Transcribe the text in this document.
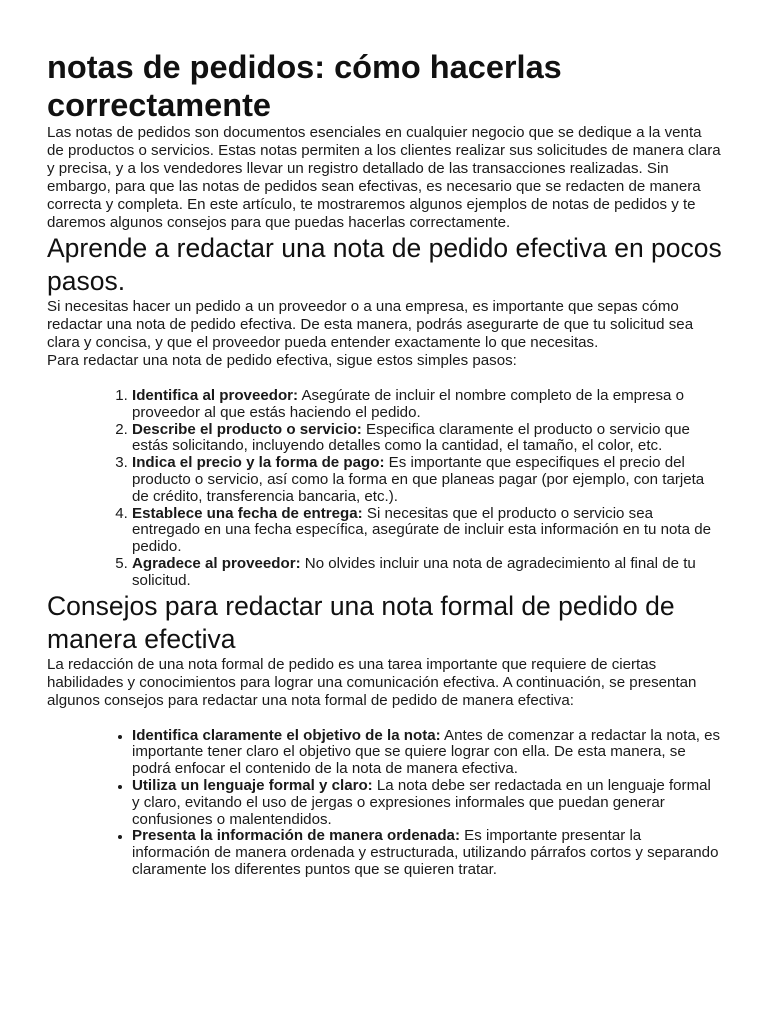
notas de pedidos: cómo hacerlas correctamente

Las notas de pedidos son documentos esenciales en cualquier negocio que se dedique a la venta de productos o servicios. Estas notas permiten a los clientes realizar sus solicitudes de manera clara y precisa, y a los vendedores llevar un registro detallado de las transacciones realizadas. Sin embargo, para que las notas de pedidos sean efectivas, es necesario que se redacten de manera correcta y completa. En este artículo, te mostraremos algunos ejemplos de notas de pedidos y te daremos algunos consejos para que puedas hacerlas correctamente.

Aprende a redactar una nota de pedido efectiva en pocos pasos.

Si necesitas hacer un pedido a un proveedor o a una empresa, es importante que sepas cómo redactar una nota de pedido efectiva. De esta manera, podrás asegurarte de que tu solicitud sea clara y concisa, y que el proveedor pueda entender exactamente lo que necesitas.

Para redactar una nota de pedido efectiva, sigue estos simples pasos:

1. Identifica al proveedor: Asegúrate de incluir el nombre completo de la empresa o proveedor al que estás haciendo el pedido.
2. Describe el producto o servicio: Especifica claramente el producto o servicio que estás solicitando, incluyendo detalles como la cantidad, el tamaño, el color, etc.
3. Indica el precio y la forma de pago: Es importante que especifiques el precio del producto o servicio, así como la forma en que planeas pagar (por ejemplo, con tarjeta de crédito, transferencia bancaria, etc.).
4. Establece una fecha de entrega: Si necesitas que el producto o servicio sea entregado en una fecha específica, asegúrate de incluir esta información en tu nota de pedido.
5. Agradece al proveedor: No olvides incluir una nota de agradecimiento al final de tu solicitud.
Consejos para redactar una nota formal de pedido de manera efectiva

La redacción de una nota formal de pedido es una tarea importante que requiere de ciertas habilidades y conocimientos para lograr una comunicación efectiva. A continuación, se presentan algunos consejos para redactar una nota formal de pedido de manera efectiva:

• Identifica claramente el objetivo de la nota: Antes de comenzar a redactar la nota, es importante tener claro el objetivo que se quiere lograr con ella. De esta manera, se podrá enfocar el contenido de la nota de manera efectiva.
• Utiliza un lenguaje formal y claro: La nota debe ser redactada en un lenguaje formal y claro, evitando el uso de jergas o expresiones informales que puedan generar confusiones o malentendidos.
• Presenta la información de manera ordenada: Es importante presentar la información de manera ordenada y estructurada, utilizando párrafos cortos y separando claramente los diferentes puntos que se quieren tratar.
